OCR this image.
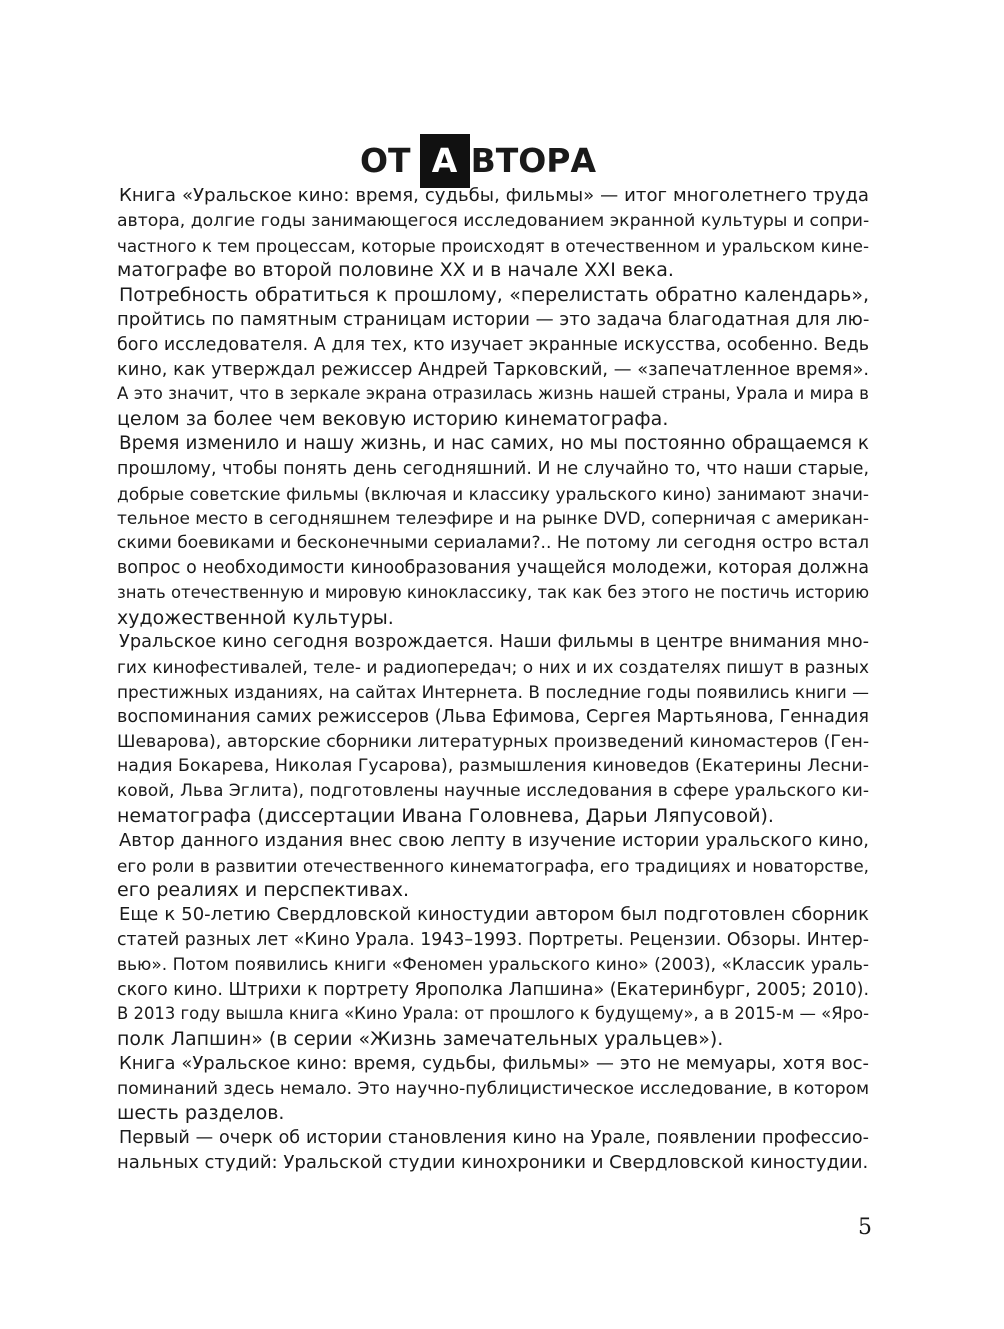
ОТ А ВТОРА
Книга «Уральское кино: время, судьбы, фильмы» — итог многолетнего труда
автора, долгие годы занимающегося исследованием экранной культуры и сопри-
частного к тем процессам, которые происходят в отечественном и уральском кине-
матографе во второй половине XX и в начале XXI века.
Потребность обратиться к прошлому, «перелистать обратно календарь»,
пройтись по памятным страницам истории — это задача благодатная для лю-
бого исследователя. А для тех, кто изучает экранные искусства, особенно. Ведь
кино, как утверждал режиссер Андрей Тарковский, — «запечатленное время».
А это значит, что в зеркале экрана отразилась жизнь нашей страны, Урала и мира в
целом за более чем вековую историю кинематографа.
Время изменило и нашу жизнь, и нас самих, но мы постоянно обращаемся к
прошлому, чтобы понять день сегодняшний. И не случайно то, что наши старые,
добрые советские фильмы (включая и классику уральского кино) занимают значи-
тельное место в сегодняшнем телеэфире и на рынке DVD, соперничая с американ-
скими боевиками и бесконечными сериалами?.. Не потому ли сегодня остро встал
вопрос о необходимости кинообразования учащейся молодежи, которая должна
знать отечественную и мировую киноклассику, так как без этого не постичь историю
художественной культуры.
Уральское кино сегодня возрождается. Наши фильмы в центре внимания мно-
гих кинофестивалей, теле- и радиопередач; о них и их создателях пишут в разных
престижных изданиях, на сайтах Интернета. В последние годы появились книги —
воспоминания самих режиссеров (Льва Ефимова, Сергея Мартьянова, Геннадия
Шеварова), авторские сборники литературных произведений киномастеров (Ген-
надия Бокарева, Николая Гусарова), размышления киноведов (Екатерины Лесни-
ковой, Льва Эглита), подготовлены научные исследования в сфере уральского ки-
нематографа (диссертации Ивана Головнева, Дарьи Ляпусовой).
Автор данного издания внес свою лепту в изучение истории уральского кино,
его роли в развитии отечественного кинематографа, его традициях и новаторстве,
его реалиях и перспективах.
Еще к 50-летию Свердловской киностудии автором был подготовлен сборник
статей разных лет «Кино Урала. 1943–1993. Портреты. Рецензии. Обзоры. Интер-
вью». Потом появились книги «Феномен уральского кино» (2003), «Классик ураль-
ского кино. Штрихи к портрету Ярополка Лапшина» (Екатеринбург, 2005; 2010).
В 2013 году вышла книга «Кино Урала: от прошлого к будущему», а в 2015-м — «Яро-
полк Лапшин» (в серии «Жизнь замечательных уральцев»).
Книга «Уральское кино: время, судьбы, фильмы» — это не мемуары, хотя вос-
поминаний здесь немало. Это научно-публицистическое исследование, в котором
шесть разделов.
Первый — очерк об истории становления кино на Урале, появлении профессио-
нальных студий: Уральской студии кинохроники и Свердловской киностудии.
5
